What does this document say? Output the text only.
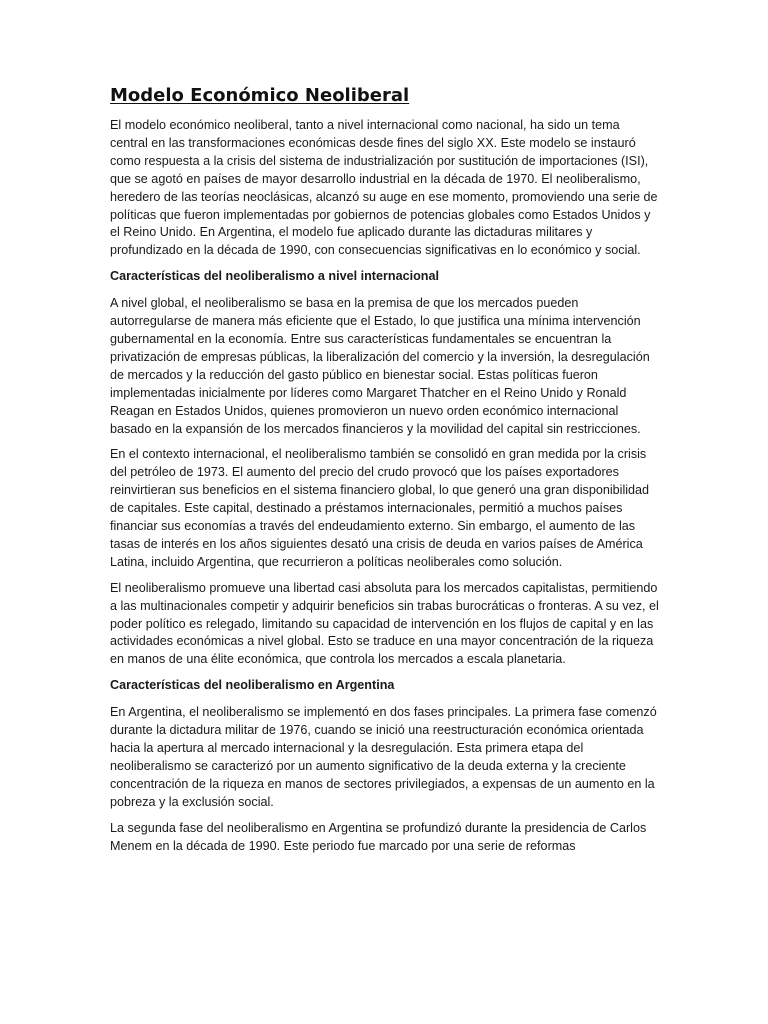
Modelo Económico Neoliberal

El modelo económico neoliberal, tanto a nivel internacional como nacional, ha sido un tema central en las transformaciones económicas desde fines del siglo XX. Este modelo se instauró como respuesta a la crisis del sistema de industrialización por sustitución de importaciones (ISI), que se agotó en países de mayor desarrollo industrial en la década de 1970. El neoliberalismo, heredero de las teorías neoclásicas, alcanzó su auge en ese momento, promoviendo una serie de políticas que fueron implementadas por gobiernos de potencias globales como Estados Unidos y el Reino Unido. En Argentina, el modelo fue aplicado durante las dictaduras militares y profundizado en la década de 1990, con consecuencias significativas en lo económico y social.

Características del neoliberalismo a nivel internacional

A nivel global, el neoliberalismo se basa en la premisa de que los mercados pueden autorregularse de manera más eficiente que el Estado, lo que justifica una mínima intervención gubernamental en la economía. Entre sus características fundamentales se encuentran la privatización de empresas públicas, la liberalización del comercio y la inversión, la desregulación de mercados y la reducción del gasto público en bienestar social. Estas políticas fueron implementadas inicialmente por líderes como Margaret Thatcher en el Reino Unido y Ronald Reagan en Estados Unidos, quienes promovieron un nuevo orden económico internacional basado en la expansión de los mercados financieros y la movilidad del capital sin restricciones.

En el contexto internacional, el neoliberalismo también se consolidó en gran medida por la crisis del petróleo de 1973. El aumento del precio del crudo provocó que los países exportadores reinvirtieran sus beneficios en el sistema financiero global, lo que generó una gran disponibilidad de capitales. Este capital, destinado a préstamos internacionales, permitió a muchos países financiar sus economías a través del endeudamiento externo. Sin embargo, el aumento de las tasas de interés en los años siguientes desató una crisis de deuda en varios países de América Latina, incluido Argentina, que recurrieron a políticas neoliberales como solución.

El neoliberalismo promueve una libertad casi absoluta para los mercados capitalistas, permitiendo a las multinacionales competir y adquirir beneficios sin trabas burocráticas o fronteras. A su vez, el poder político es relegado, limitando su capacidad de intervención en los flujos de capital y en las actividades económicas a nivel global. Esto se traduce en una mayor concentración de la riqueza en manos de una élite económica, que controla los mercados a escala planetaria.

Características del neoliberalismo en Argentina

En Argentina, el neoliberalismo se implementó en dos fases principales. La primera fase comenzó durante la dictadura militar de 1976, cuando se inició una reestructuración económica orientada hacia la apertura al mercado internacional y la desregulación. Esta primera etapa del neoliberalismo se caracterizó por un aumento significativo de la deuda externa y la creciente concentración de la riqueza en manos de sectores privilegiados, a expensas de un aumento en la pobreza y la exclusión social.

La segunda fase del neoliberalismo en Argentina se profundizó durante la presidencia de Carlos Menem en la década de 1990. Este periodo fue marcado por una serie de reformas
